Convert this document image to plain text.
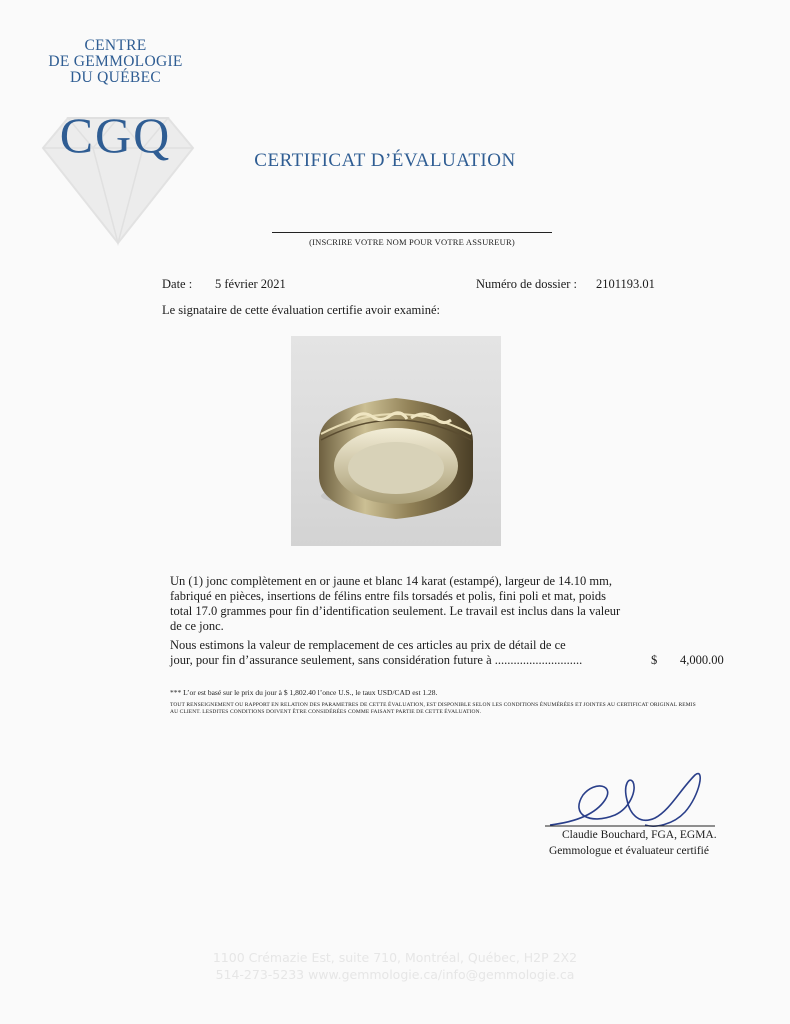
CENTRE
DE GEMMOLOGIE
DU QUÉBEC
CGQ	CERTIFICAT D’ÉVALUATION
(INSCRIRE VOTRE NOM POUR VOTRE ASSUREUR)
Date : 5 février 2021	Numéro de dossier : 2101193.01
Le signataire de cette évaluation certifie avoir examiné:
Un (1) jonc complètement en or jaune et blanc 14 karat (estampé), largeur de 14.10 mm,
fabriqué en pièces, insertions de félins entre fils torsadés et polis, fini poli et mat, poids
total 17.0 grammes pour fin d’identification seulement. Le travail est inclus dans la valeur
de ce jonc.
Nous estimons la valeur de remplacement de ces articles au prix de détail de ce
jour, pour fin d’assurance seulement, sans considération future à ............................	$ 4,000.00
*** L’or est basé sur le prix du jour à $ 1,802.40 l’once U.S., le taux USD/CAD est 1.28.
TOUT RENSEIGNEMENT OU RAPPORT EN RELATION DES PARAMETRES DE CETTE ÉVALUATION, EST DISPONIBLE SELON LES CONDITIONS ÉNUMÉRÉES ET JOINTES AU CERTIFICAT ORIGINAL REMIS
AU CLIENT. LESDITES CONDITIONS DOIVENT ÊTRE CONSIDÉRÉES COMME FAISANT PARTIE DE CETTE ÉVALUATION.
Claudie Bouchard, FGA, EGMA.
Gemmologue et évaluateur certifié
1100 Crémazie Est, suite 710, Montréal, Québec, H2P 2X2
514-273-5233 www.gemmologie.ca/info@gemmologie.ca
